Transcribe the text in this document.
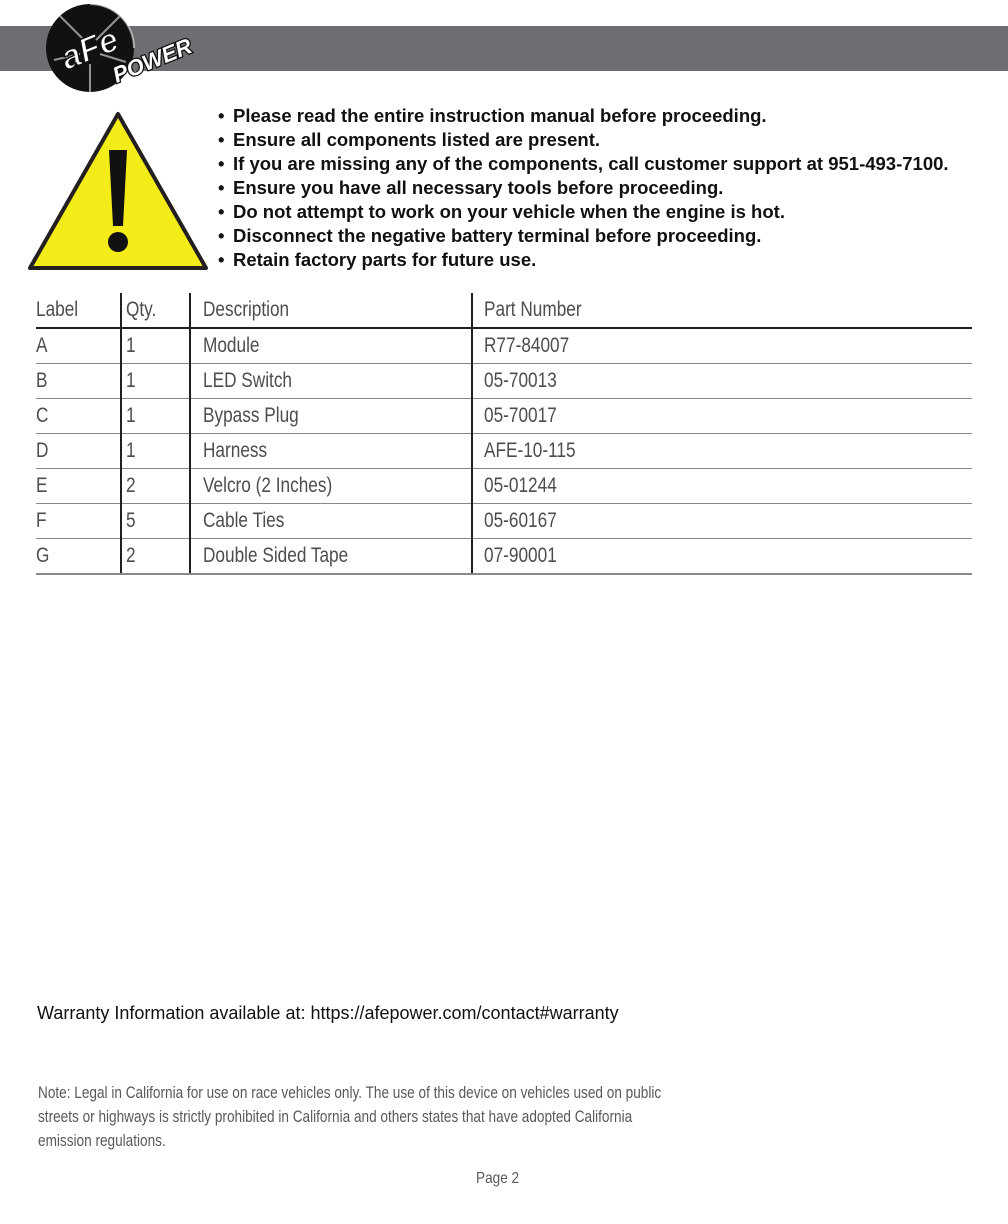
aFe
POWER
• Please read the entire instruction manual before proceeding.
• Ensure all components listed are present.
• If you are missing any of the components, call customer support at 951-493-7100.
• Ensure you have all necessary tools before proceeding.
• Do not attempt to work on your vehicle when the engine is hot.
• Disconnect the negative battery terminal before proceeding.
• Retain factory parts for future use.
Label	Qty.	Description	Part Number
A	1	Module	R77-84007
B	1	LED Switch	05-70013
C	1	Bypass Plug	05-70017
D	1	Harness	AFE-10-115
E	2	Velcro (2 Inches)	05-01244
F	5	Cable Ties	05-60167
G	2	Double Sided Tape	07-90001
Warranty Information available at: https://afepower.com/contact#warranty
Note: Legal in California for use on race vehicles only. The use of this device on vehicles used on public
streets or highways is strictly prohibited in California and others states that have adopted California
emission regulations.
Page 2
